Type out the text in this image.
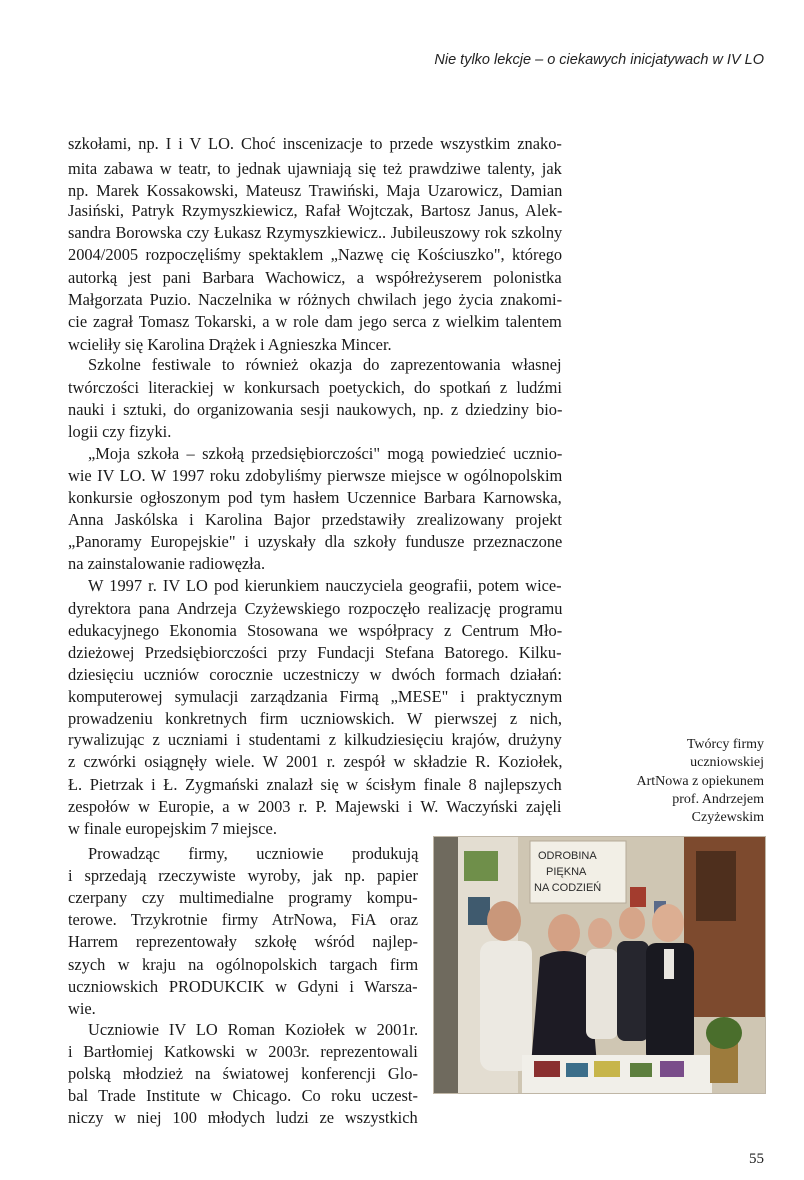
Nie tylko lekcje – o ciekawych inicjatywach w IV LO
szkołami, np. I i V LO. Choć inscenizacje to przede wszystkim znako-
mita zabawa w teatr, to jednak ujawniają się też prawdziwe talenty, jak
np. Marek Kossakowski, Mateusz Trawiński, Maja Uzarowicz, Damian
Jasiński, Patryk Rzymyszkiewicz, Rafał Wojtczak, Bartosz Janus, Alek-
sandra Borowska czy Łukasz Rzymyszkiewicz.. Jubileuszowy rok szkolny
2004/2005 rozpoczęliśmy spektaklem „Nazwę cię Kościuszko", którego
autorką jest pani Barbara Wachowicz, a współreżyserem polonistka
Małgorzata Puzio. Naczelnika w różnych chwilach jego życia znakomi-
cie zagrał Tomasz Tokarski, a w role dam jego serca z wielkim talentem
wcieliły się Karolina Drążek i Agnieszka Mincer.
Szkolne festiwale to również okazja do zaprezentowania własnej
twórczości literackiej w konkursach poetyckich, do spotkań z ludźmi
nauki i sztuki, do organizowania sesji naukowych, np. z dziedziny bio-
logii czy fizyki.
„Moja szkoła – szkołą przedsiębiorczości" mogą powiedzieć ucznio-
wie IV LO. W 1997 roku zdobyliśmy pierwsze miejsce w ogólnopolskim
konkursie ogłoszonym pod tym hasłem Uczennice Barbara Karnowska,
Anna Jaskólska i Karolina Bajor przedstawiły zrealizowany projekt
„Panoramy Europejskie" i uzyskały dla szkoły fundusze przeznaczone
na zainstalowanie radiowęzła.
W 1997 r. IV LO pod kierunkiem nauczyciela geografii, potem wice-
dyrektora pana Andrzeja Czyżewskiego rozpoczęło realizację programu
edukacyjnego Ekonomia Stosowana we współpracy z Centrum Mło-
dzieżowej Przedsiębiorczości przy Fundacji Stefana Batorego. Kilku-
dziesięciu uczniów corocznie uczestniczy w dwóch formach działań:
komputerowej symulacji zarządzania Firmą „MESE" i praktycznym
prowadzeniu konkretnych firm uczniowskich. W pierwszej z nich,
rywalizując z uczniami i studentami z kilkudziesięciu krajów, drużyny
z czwórki osiągnęły wiele. W 2001 r. zespół w składzie R. Koziołek,
Ł. Pietrzak i Ł. Zygmański znalazł się w ścisłym finale 8 najlepszych
zespołów w Europie, a w 2003 r. P. Majewski i W. Waczyński zajęli
w finale europejskim 7 miejsce.
Prowadząc firmy, uczniowie produkują
i sprzedają rzeczywiste wyroby, jak np. papier
czerpany czy multimedialne programy kompu-
terowe. Trzykrotnie firmy AtrNowa, FiA oraz
Harrem reprezentowały szkołę wśród najlep-
szych w kraju na ogólnopolskich targach firm
uczniowskich PRODUKCIK w Gdyni i Warsza-
wie.
Uczniowie IV LO Roman Koziołek w 2001r.
i Bartłomiej Katkowski w 2003r. reprezentowali
polską młodzież na światowej konferencji Glo-
bal Trade Institute w Chicago. Co roku uczest-
niczy w niej 100 młodych ludzi ze wszystkich
Twórcy firmy
uczniowskiej
ArtNowa z opiekunem
prof. Andrzejem
Czyżewskim
ODROBINA
PIĘKNA
NA CODZIEŃ
55
